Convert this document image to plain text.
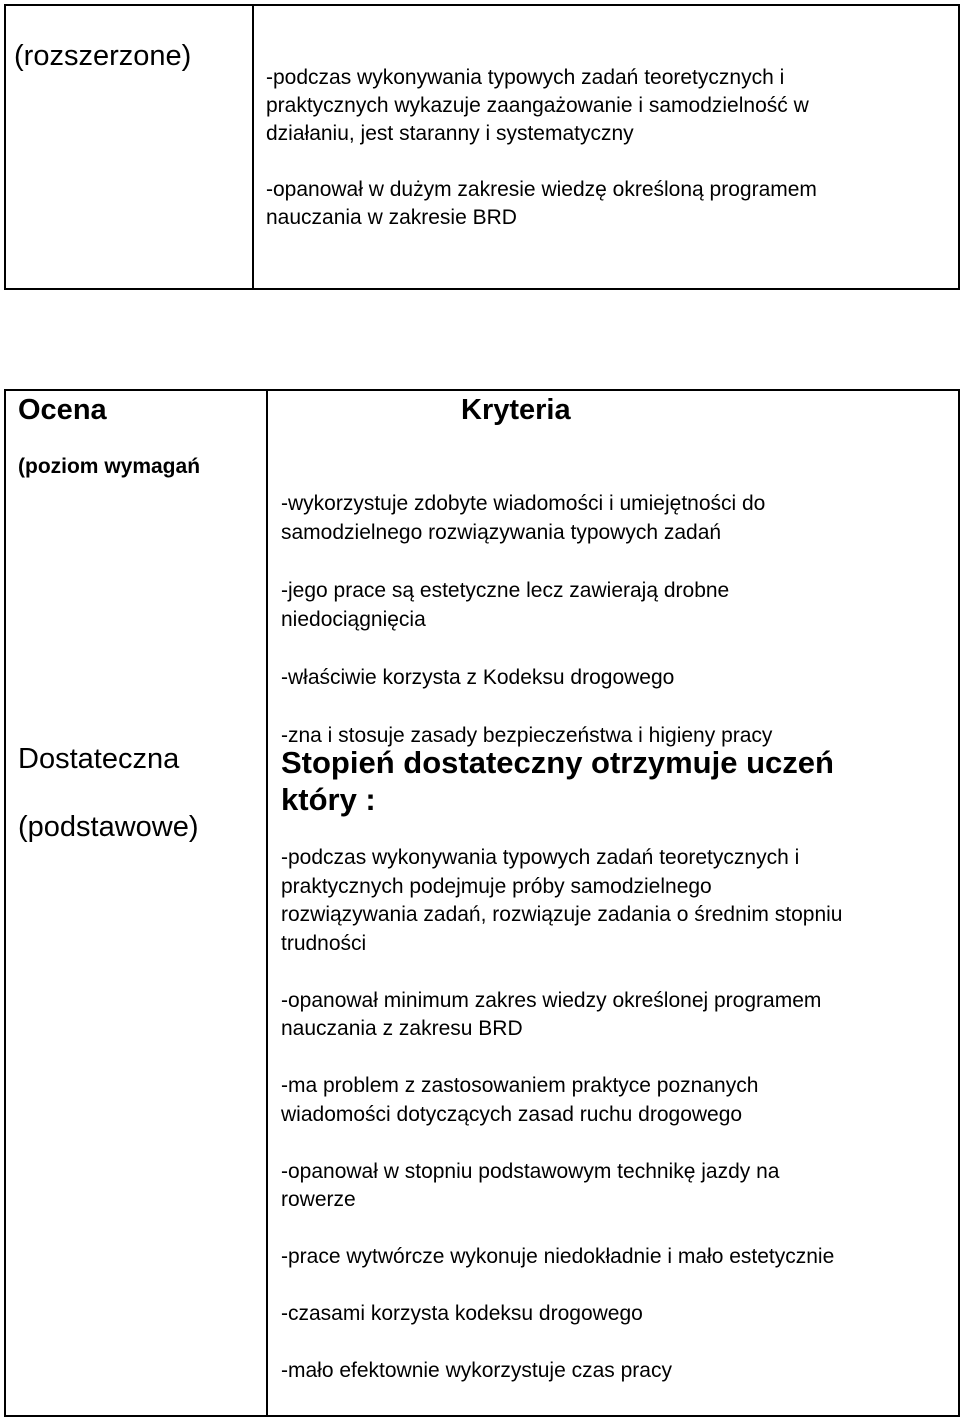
(rozszerzone)

-podczas wykonywania typowych zadań teoretycznych i
praktycznych wykazuje zaangażowanie i samodzielność w
działaniu, jest staranny i systematyczny

-opanował w dużym zakresie wiedzę określoną programem
nauczania w zakresie BRD

Ocena
(poziom wymagań
Kryteria

-wykorzystuje zdobyte wiadomości i umiejętności do
samodzielnego rozwiązywania typowych zadań

-jego prace są estetyczne lecz zawierają drobne
niedociągnięcia

-właściwie korzysta z Kodeksu drogowego

-zna i stosuje zasady bezpieczeństwa i higieny pracy

Dostateczna
(podstawowe)

Stopień dostateczny otrzymuje uczeń
który :

-podczas wykonywania typowych zadań teoretycznych i
praktycznych podejmuje próby samodzielnego
rozwiązywania zadań, rozwiązuje zadania o średnim stopniu
trudności

-opanował minimum zakres wiedzy określonej programem
nauczania z zakresu BRD

-ma problem z zastosowaniem praktyce poznanych
wiadomości dotyczących zasad ruchu drogowego

-opanował w stopniu podstawowym technikę jazdy na
rowerze

-prace wytwórcze wykonuje niedokładnie i mało estetycznie

-czasami korzysta kodeksu drogowego

-mało efektownie wykorzystuje czas pracy
